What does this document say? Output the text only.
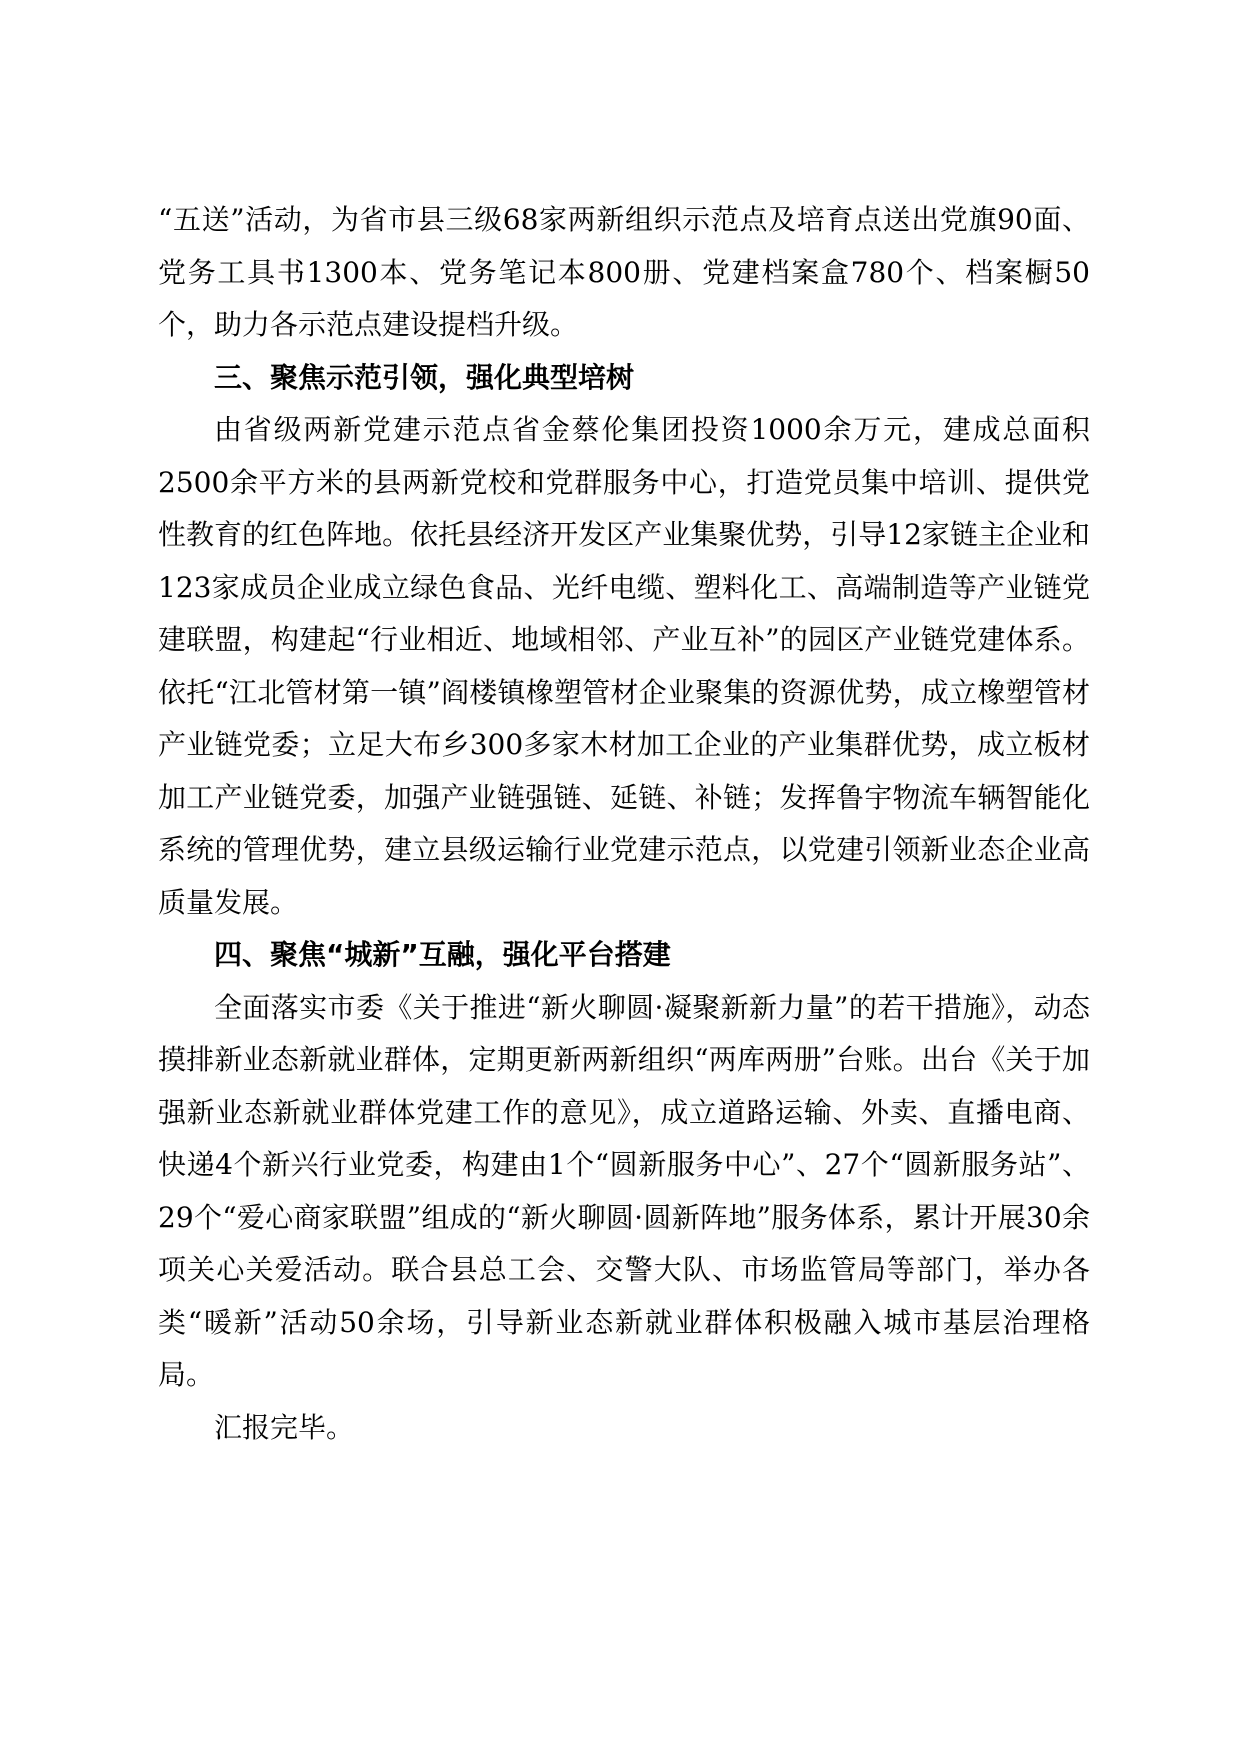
“五送”活动，为省市县三级68家两新组织示范点及培育点送出党旗90面、党务工具书1300本、党务笔记本800册、党建档案盒780个、档案橱50个，助力各示范点建设提档升级。

三、聚焦示范引领，强化典型培树

由省级两新党建示范点省金蔡伦集团投资1000余万元，建成总面积2500余平方米的县两新党校和党群服务中心，打造党员集中培训、提供党性教育的红色阵地。依托县经济开发区产业集聚优势，引导12家链主企业和123家成员企业成立绿色食品、光纤电缆、塑料化工、高端制造等产业链党建联盟，构建起“行业相近、地域相邻、产业互补”的园区产业链党建体系。依托“江北管材第一镇”阎楼镇橡塑管材企业聚集的资源优势，成立橡塑管材产业链党委；立足大布乡300多家木材加工企业的产业集群优势，成立板材加工产业链党委，加强产业链强链、延链、补链；发挥鲁宇物流车辆智能化系统的管理优势，建立县级运输行业党建示范点，以党建引领新业态企业高质量发展。

四、聚焦“城新”互融，强化平台搭建

全面落实市委《关于推进“新火聊圆·凝聚新新力量”的若干措施》，动态摸排新业态新就业群体，定期更新两新组织“两库两册”台账。出台《关于加强新业态新就业群体党建工作的意见》，成立道路运输、外卖、直播电商、快递4个新兴行业党委，构建由1个“圆新服务中心”、27个“圆新服务站”、29个“爱心商家联盟”组成的“新火聊圆·圆新阵地”服务体系，累计开展30余项关心关爱活动。联合县总工会、交警大队、市场监管局等部门，举办各类“暖新”活动50余场，引导新业态新就业群体积极融入城市基层治理格局。

汇报完毕。
